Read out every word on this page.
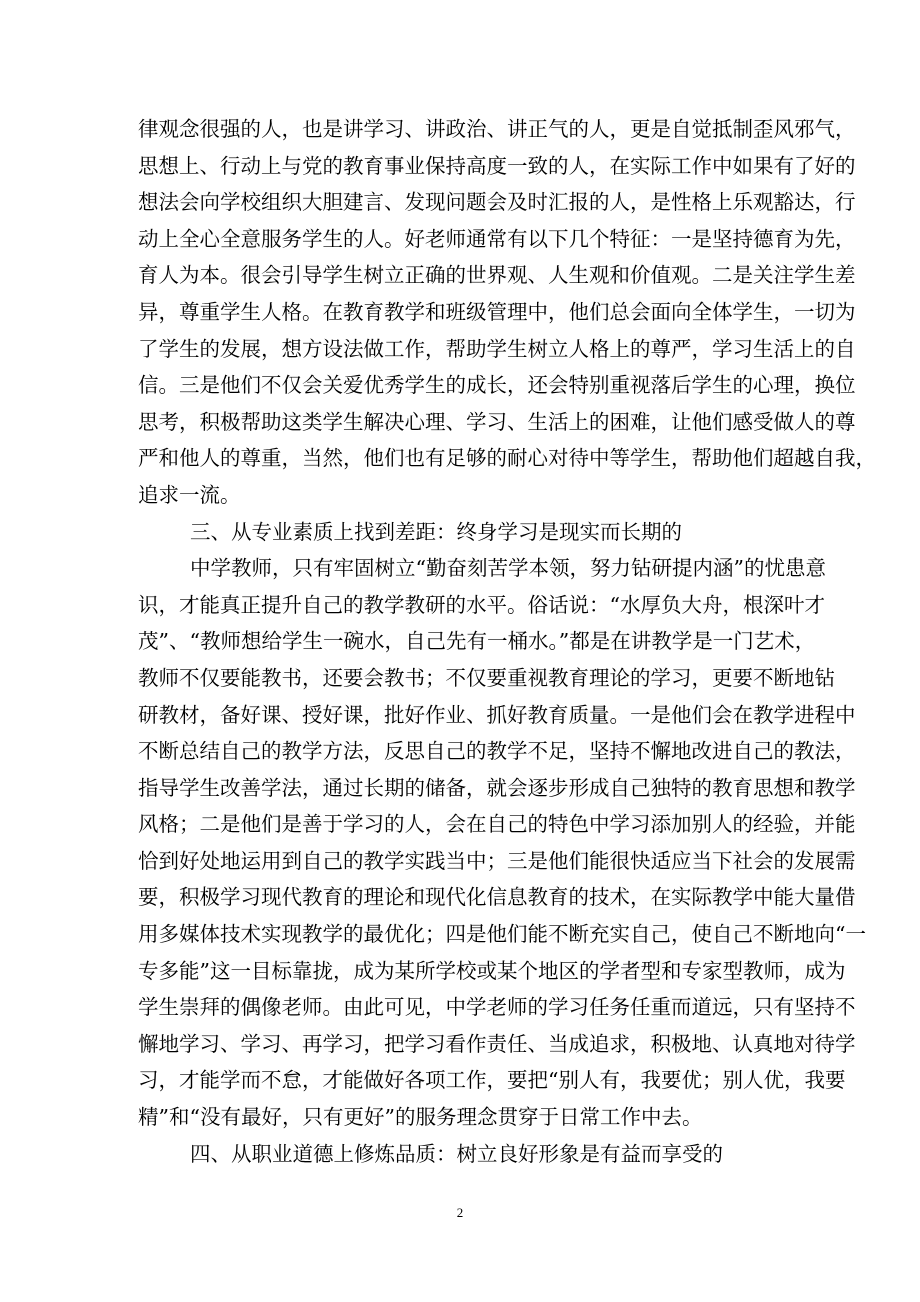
律观念很强的人，也是讲学习、讲政治、讲正气的人，更是自觉抵制歪风邪气，
思想上、行动上与党的教育事业保持高度一致的人，在实际工作中如果有了好的
想法会向学校组织大胆建言、发现问题会及时汇报的人，是性格上乐观豁达，行
动上全心全意服务学生的人。好老师通常有以下几个特征：一是坚持德育为先，
育人为本。很会引导学生树立正确的世界观、人生观和价值观。二是关注学生差
异，尊重学生人格。在教育教学和班级管理中，他们总会面向全体学生，一切为
了学生的发展，想方设法做工作，帮助学生树立人格上的尊严，学习生活上的自
信。三是他们不仅会关爱优秀学生的成长，还会特别重视落后学生的心理，换位
思考，积极帮助这类学生解决心理、学习、生活上的困难，让他们感受做人的尊
严和他人的尊重，当然，他们也有足够的耐心对待中等学生，帮助他们超越自我，
追求一流。
三、从专业素质上找到差距：终身学习是现实而长期的
中学教师，只有牢固树立“勤奋刻苦学本领，努力钻研提内涵”的忧患意
识，才能真正提升自己的教学教研的水平。俗话说：“水厚负大舟，根深叶才
茂”、“教师想给学生一碗水，自己先有一桶水。”都是在讲教学是一门艺术，
教师不仅要能教书，还要会教书；不仅要重视教育理论的学习，更要不断地钻
研教材，备好课、授好课，批好作业、抓好教育质量。一是他们会在教学进程中
不断总结自己的教学方法，反思自己的教学不足，坚持不懈地改进自己的教法，
指导学生改善学法，通过长期的储备，就会逐步形成自己独特的教育思想和教学
风格；二是他们是善于学习的人，会在自己的特色中学习添加别人的经验，并能
恰到好处地运用到自己的教学实践当中；三是他们能很快适应当下社会的发展需
要，积极学习现代教育的理论和现代化信息教育的技术，在实际教学中能大量借
用多媒体技术实现教学的最优化；四是他们能不断充实自己，使自己不断地向“一
专多能”这一目标靠拢，成为某所学校或某个地区的学者型和专家型教师，成为
学生崇拜的偶像老师。由此可见，中学老师的学习任务任重而道远，只有坚持不
懈地学习、学习、再学习，把学习看作责任、当成追求，积极地、认真地对待学
习，才能学而不怠，才能做好各项工作，要把“别人有，我要优；别人优，我要
精”和“没有最好，只有更好”的服务理念贯穿于日常工作中去。
四、从职业道德上修炼品质：树立良好形象是有益而享受的
2
